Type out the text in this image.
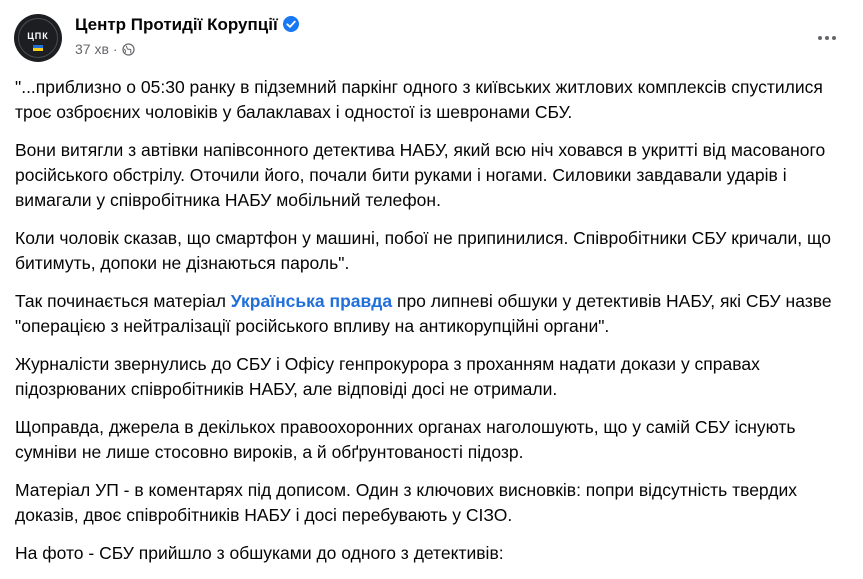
ЦПК
Центр Протидії Корупції
37 хв ·

"...приблизно о 05:30 ранку в підземний паркінг одного з київських житлових комплексів спустилися троє озброєних чоловіків у балаклавах і одностої із шевронами СБУ.

Вони витягли з автівки напівсонного детектива НАБУ, який всю ніч ховався в укритті від масованого російського обстрілу. Оточили його, почали бити руками і ногами. Силовики завдавали ударів і вимагали у співробітника НАБУ мобільний телефон.

Коли чоловік сказав, що смартфон у машині, побої не припинилися. Співробітники СБУ кричали, що битимуть, допоки не дізнаються пароль".

Так починається матеріал Українська правда про липневі обшуки у детективів НАБУ, які СБУ назве "операцією з нейтралізації російського впливу на антикорупційні органи".

Журналісти звернулись до СБУ і Офісу генпрокурора з проханням надати докази у справах підозрюваних співробітників НАБУ, але відповіді досі не отримали.

Щоправда, джерела в декількох правоохоронних органах наголошують, що у самій СБУ існують сумніви не лише стосовно вироків, а й обґрунтованості підозр.

Матеріал УП - в коментарях під дописом. Один з ключових висновків: попри відсутність твердих доказів, двоє співробітників НАБУ і досі перебувають у СІЗО.

На фото - СБУ прийшло з обшуками до одного з детективів:
